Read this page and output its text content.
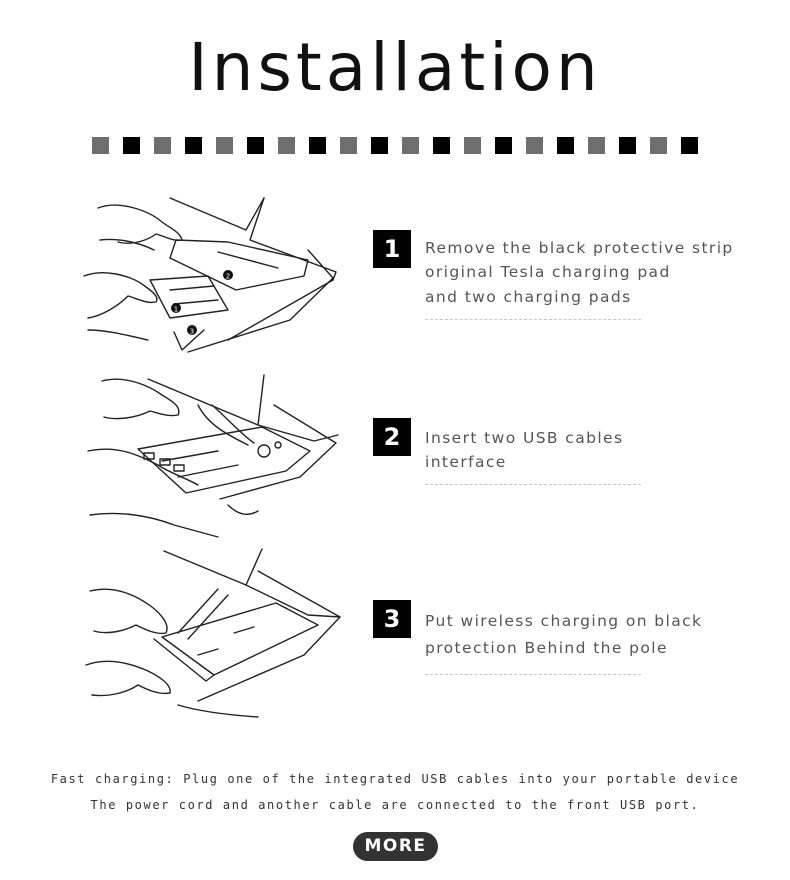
Installation
2
1
3
1	Remove the black protective strip
original Tesla charging pad
and two charging pads
2	Insert two USB cables
interface
3	Put wireless charging on black
protection Behind the pole
Fast charging: Plug one of the integrated USB cables into your portable device
The power cord and another cable are connected to the front USB port.
MORE
